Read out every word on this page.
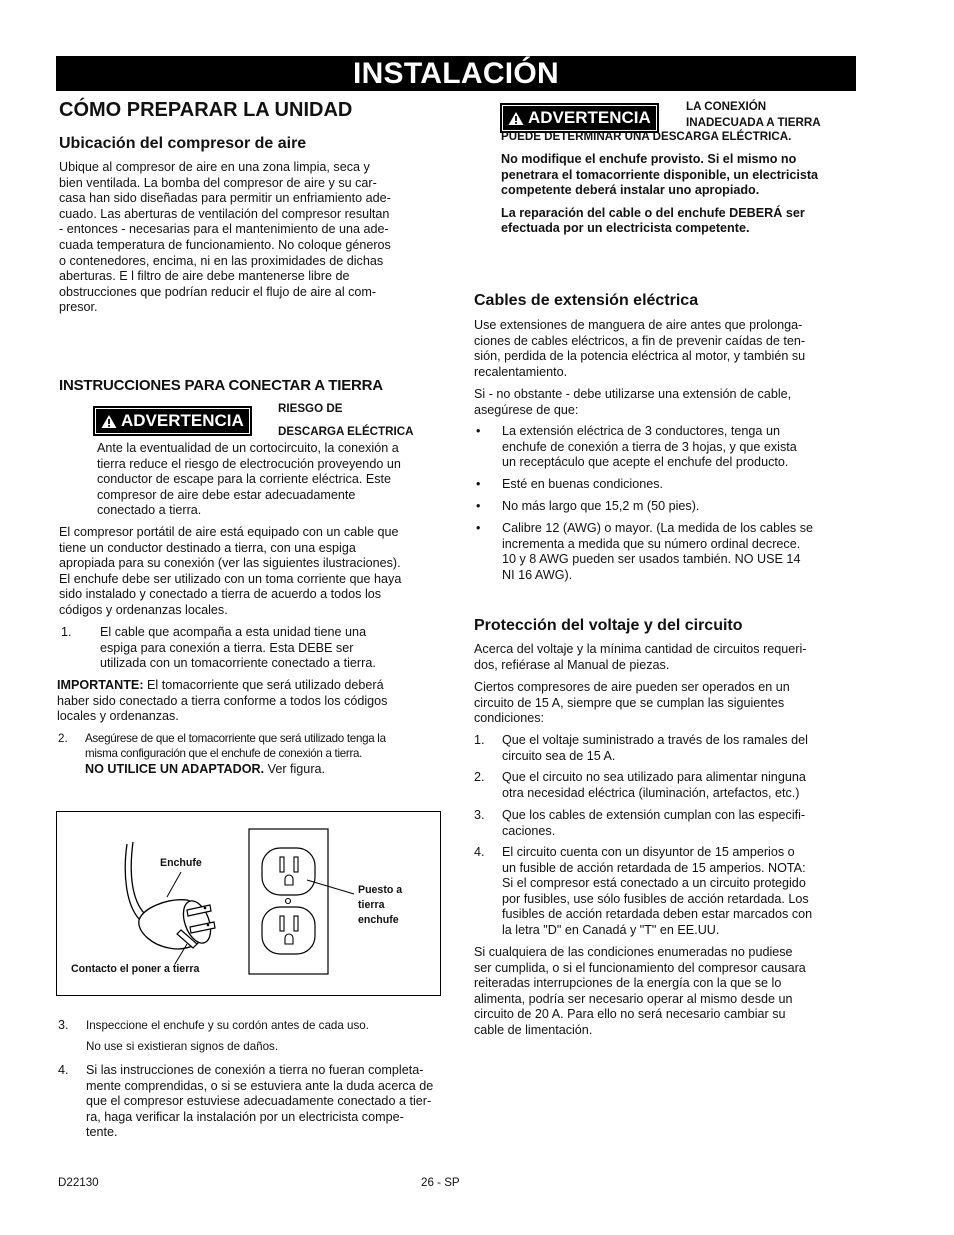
INSTALACIÓN
CÓMO PREPARAR LA UNIDAD
Ubicación del compresor de aire

Ubique al compresor de aire en una zona limpia, seca y

bien ventilada. La bomba del compresor de aire y su car-

casa han sido diseñadas para permitir un enfriamiento ade-

cuado. Las aberturas de ventilación del compresor resultan

- entonces - necesarias para el mantenimiento de una ade-

cuada temperatura de funcionamiento. No coloque géneros

o contenedores, encima, ni en las proximidades de dichas

aberturas. E l filtro de aire debe mantenerse libre de

obstrucciones que podrían reducir el flujo de aire al com-

presor.

INSTRUCCIONES PARA CONECTAR A TIERRA
ADVERTENCIA
RIESGO DE
DESCARGA ELÉCTRICA

Ante la eventualidad de un cortocircuito, la conexión a

tierra reduce el riesgo de electrocución proveyendo un

conductor de escape para la corriente eléctrica. Este

compresor de aire debe estar adecuadamente

conectado a tierra.

El compresor portátil de aire está equipado con un cable que

tiene un conductor destinado a tierra, con una espiga

apropiada para su conexión (ver las siguientes ilustraciones).

El enchufe debe ser utilizado con un toma corriente que haya

sido instalado y conectado a tierra de acuerdo a todos los

códigos y ordenanzas locales.

1. El cable que acompaña a esta unidad tiene una

espiga para conexión a tierra. Esta DEBE ser

utilizada con un tomacorriente conectado a tierra.

IMPORTANTE: El tomacorriente que será utilizado deberá

haber sido conectado a tierra conforme a todos los códigos

locales y ordenanzas.

2. Asegúrese de que el tomacorriente que será utilizado tenga la

misma configuración que el enchufe de conexión a tierra.

NO UTILICE UN ADAPTADOR. Ver figura.

Enchufe
Puesto a
tierra
enchufe
Contacto el poner a tierra
3. Inspeccione el enchufe y su cordón antes de cada uso.

No use si existieran signos de daños.

4. Si las instrucciones de conexión a tierra no fueran completa-

mente comprendidas, o si se estuviera ante la duda acerca de

que el compresor estuviese adecuadamente conectado a tier-

ra, haga verificar la instalación por un electricista compe-

tente.

ADVERTENCIA
LA CONEXIÓN
INADECUADA A TIERRA
PUEDE DETERMINAR UNA DESCARGA ELÉCTRICA.

No modifique el enchufe provisto. Si el mismo no

penetrara el tomacorriente disponible, un electricista

competente deberá instalar uno apropiado.

La reparación del cable o del enchufe DEBERÁ ser

efectuada por un electricista competente.

Cables de extensión eléctrica

Use extensiones de manguera de aire antes que prolonga-

ciones de cables eléctricos, a fin de prevenir caídas de ten-

sión, perdida de la potencia eléctrica al motor, y también su

recalentamiento.

Si - no obstante - debe utilizarse una extensión de cable,

asegúrese de que:

• La extensión eléctrica de 3 conductores, tenga un

enchufe de conexión a tierra de 3 hojas, y que exista

un receptáculo que acepte el enchufe del producto.

• Esté en buenas condiciones.

• No más largo que 15,2 m (50 pies).

• Calibre 12 (AWG) o mayor. (La medida de los cables se

incrementa a medida que su número ordinal decrece.

10 y 8 AWG pueden ser usados también. NO USE 14

NI 16 AWG).

Protección del voltaje y del circuito

Acerca del voltaje y la mínima cantidad de circuitos requeri-

dos, refiérase al Manual de piezas.

Ciertos compresores de aire pueden ser operados en un

circuito de 15 A, siempre que se cumplan las siguientes

condiciones:

1. Que el voltaje suministrado a través de los ramales del

circuito sea de 15 A.

2. Que el circuito no sea utilizado para alimentar ninguna

otra necesidad eléctrica (iluminación, artefactos, etc.)

3. Que los cables de extensión cumplan con las especifi-

caciones.

4. El circuito cuenta con un disyuntor de 15 amperios o

un fusible de acción retardada de 15 amperios. NOTA:

Si el compresor está conectado a un circuito protegido

por fusibles, use sólo fusibles de acción retardada. Los

fusibles de acción retardada deben estar marcados con

la letra "D" en Canadá y "T" en EE.UU.

Si cualquiera de las condiciones enumeradas no pudiese

ser cumplida, o si el funcionamiento del compresor causara

reiteradas interrupciones de la energía con la que se lo

alimenta, podría ser necesario operar al mismo desde un

circuito de 20 A. Para ello no será necesario cambiar su

cable de limentación.

D22130	26 - SP
